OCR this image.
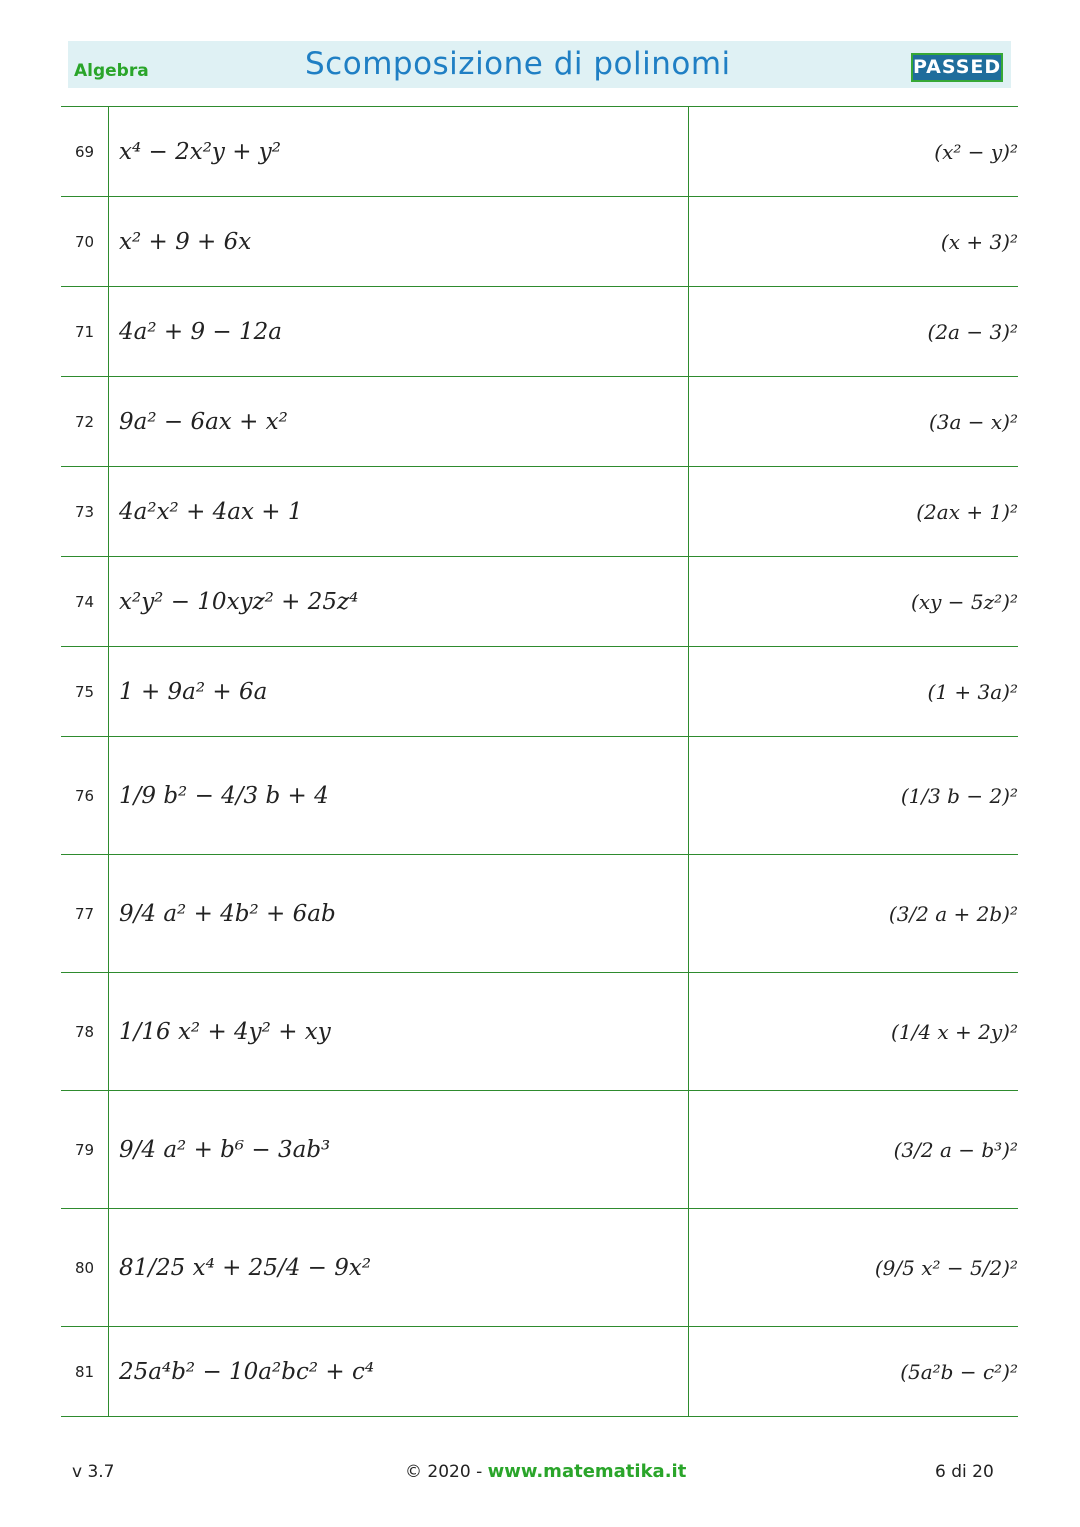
Algebra	Scomposizione di polinomi	PASSED
69	x⁴ − 2x²y + y²	(x² − y)²
70	x² + 9 + 6x	(x + 3)²
71	4a² + 9 − 12a	(2a − 3)²
72	9a² − 6ax + x²	(3a − x)²
73	4a²x² + 4ax + 1	(2ax + 1)²
74	x²y² − 10xyz² + 25z⁴	(xy − 5z²)²
75	1 + 9a² + 6a	(1 + 3a)²
76	1/9 b² − 4/3 b + 4	(1/3 b − 2)²
77	9/4 a² + 4b² + 6ab	(3/2 a + 2b)²
78	1/16 x² + 4y² + xy	(1/4 x + 2y)²
79	9/4 a² + b⁶ − 3ab³	(3/2 a − b³)²
80	81/25 x⁴ + 25/4 − 9x²	(9/5 x² − 5/2)²
81	25a⁴b² − 10a²bc² + c⁴	(5a²b − c²)²
v 3.7	© 2020 - www.matematika.it	6 di 20
